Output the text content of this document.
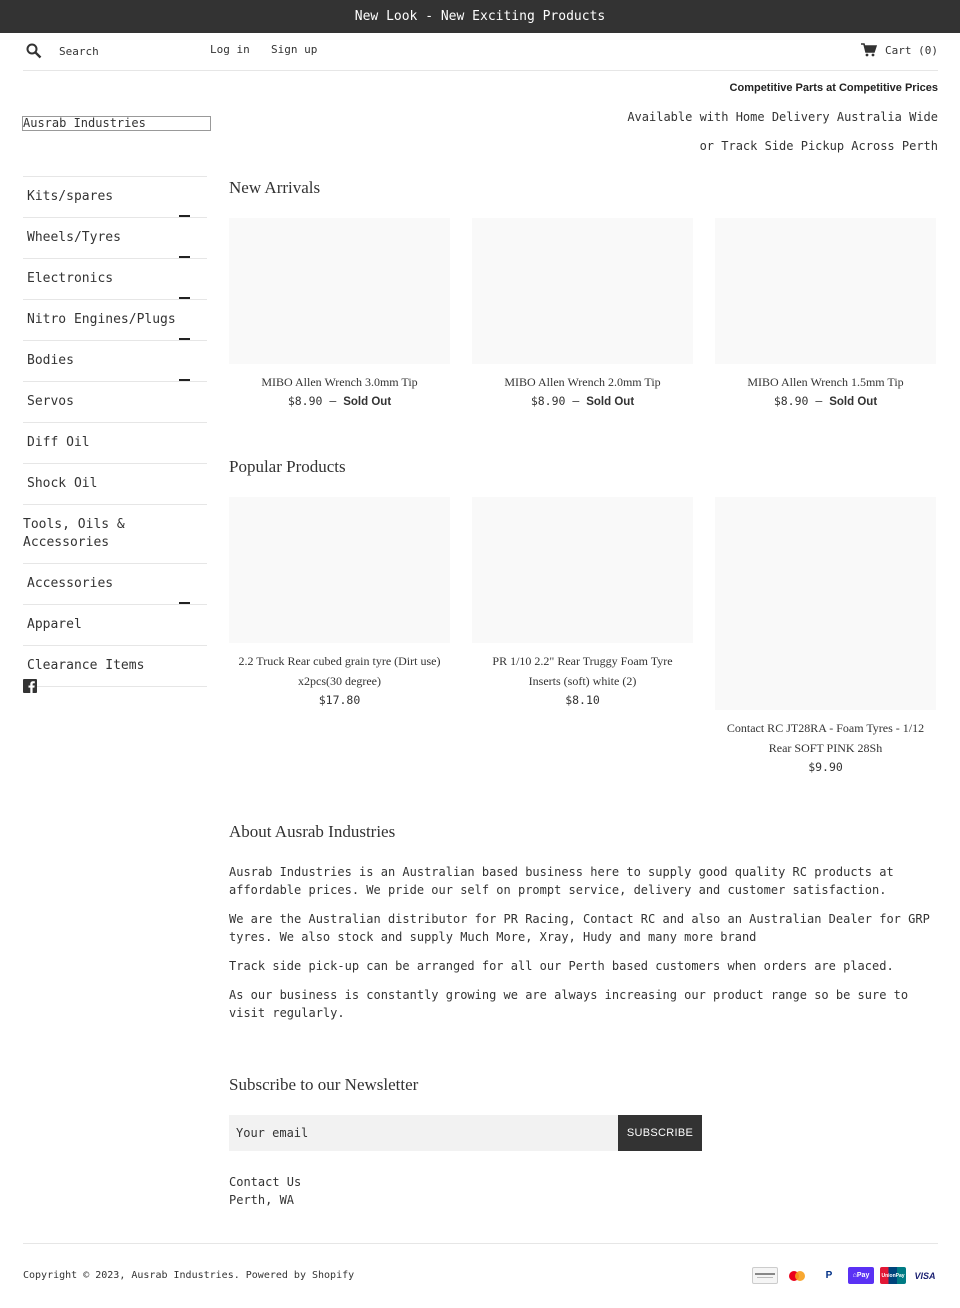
New Look - New Exciting Products
Search
Log in Sign up	Cart (0)
Competitive Parts at Competitive Prices
Available with Home Delivery Australia Wide
or Track Side Pickup Across Perth
Ausrab Industries
Kits/spares
Wheels/Tyres
Electronics
Nitro Engines/Plugs
Bodies
Servos
Diff Oil
Shock Oil
Tools, Oils & Accessories
Accessories
Apparel
Clearance Items
New Arrivals
MIBO Allen Wrench 3.0mm Tip
$8.90 — Sold Out
MIBO Allen Wrench 2.0mm Tip
$8.90 — Sold Out
MIBO Allen Wrench 1.5mm Tip
$8.90 — Sold Out
Popular Products
2.2 Truck Rear cubed grain tyre (Dirt use) x2pcs(30 degree)
$17.80
PR 1/10 2.2" Rear Truggy Foam Tyre Inserts (soft) white (2)
$8.10
Contact RC JT28RA - Foam Tyres - 1/12 Rear SOFT PINK 28Sh
$9.90
About Ausrab Industries

Ausrab Industries is an Australian based business here to supply good quality RC products at affordable prices. We pride our self on prompt service, delivery and customer satisfaction.

We are the Australian distributor for PR Racing, Contact RC and also an Australian Dealer for GRP tyres. We also stock and supply Much More, Xray, Hudy and many more brand

Track side pick-up can be arranged for all our Perth based customers when orders are placed.

As our business is constantly growing we are always increasing our product range so be sure to visit regularly.

Subscribe to our Newsletter
Your email
SUBSCRIBE
Contact Us
Perth, WA
Copyright © 2023, Ausrab Industries. Powered by Shopify	P	⌂Pay	UnionPay VISA
